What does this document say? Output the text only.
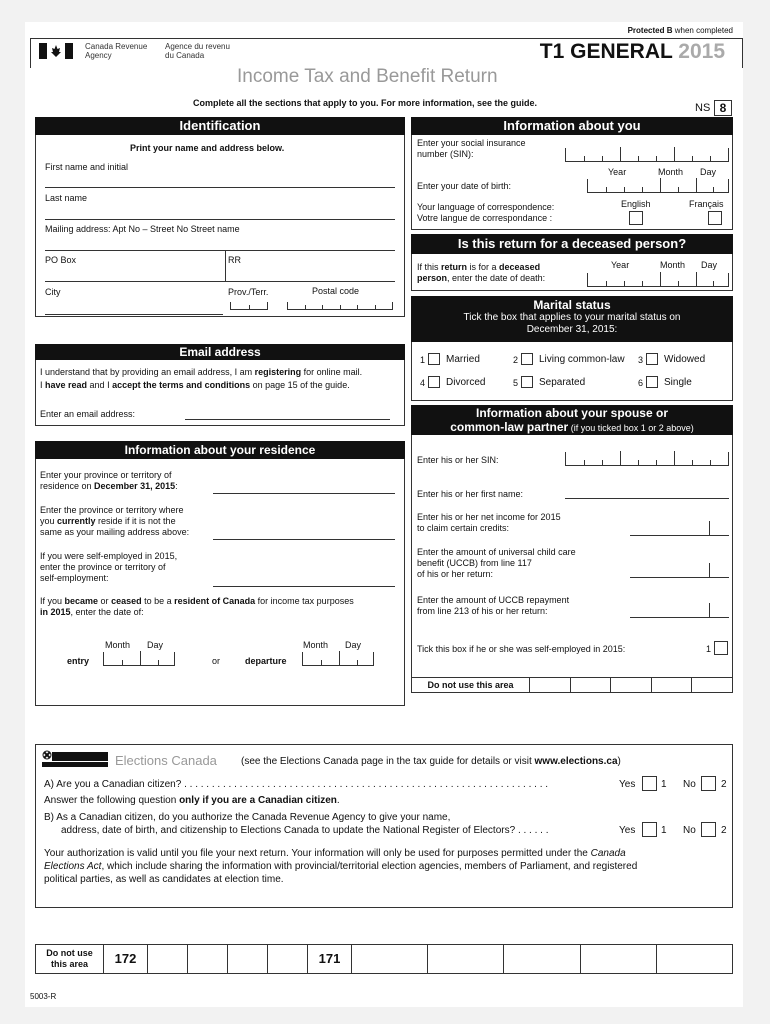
Protected B when completed
Canada Revenue
Agency
Agence du revenu
du Canada	T1 GENERAL 2015
Income Tax and Benefit Return
Complete all the sections that apply to you. For more information, see the guide.	NS 8
Identification
Print your name and address below.
First name and initial
Last name
Mailing address: Apt No – Street No Street name
PO Box	RR
City	Prov./Terr.	Postal code
Email address
I understand that by providing an email address, I am registering for online mail.
I have read and I accept the terms and conditions on page 15 of the guide.
Enter an email address:
Information about your residence
Enter your province or territory of
residence on December 31, 2015:
Enter the province or territory where
you currently reside if it is not the
same as your mailing address above:
If you were self-employed in 2015,
enter the province or territory of
self-employment:
If you became or ceased to be a resident of Canada for income tax purposes
in 2015, enter the date of:
Month Day
entry	or
Month Day
departure
Information about you
Enter your social insurance
number (SIN):
Year	Month Day
Enter your date of birth:
English	Français
Your language of correspondence:
Votre langue de correspondance :
Is this return for a deceased person?
Year	Month Day
If this return is for a deceased
person, enter the date of death:
Marital status
Tick the box that applies to your marital status on
December 31, 2015:
1 Married	2 Living common-law 3 Widowed
4 Divorced	5 Separated	6 Single
Information about your spouse or
common-law partner (if you ticked box 1 or 2 above)
Enter his or her SIN:
Enter his or her first name:
Enter his or her net income for 2015
to claim certain credits:
Enter the amount of universal child care
benefit (UCCB) from line 117
of his or her return:
Enter the amount of UCCB repayment
from line 213 of his or her return:
Tick this box if he or she was self-employed in 2015:	1
Do not use this area
Elections Canada (see the Elections Canada page in the tax guide for details or visit www.elections.ca)
A) Are you a Canadian citizen? . . . . . . . . . . . . . . . . . . . . . . . . . . . . . . . . . . . . . . . . . . . . . . . . . . . . . . . . . . . . . . . . . .	Yes	1 No	2
Answer the following question only if you are a Canadian citizen.
B) As a Canadian citizen, do you authorize the Canada Revenue Agency to give your name,
address, date of birth, and citizenship to Elections Canada to update the National Register of Electors? . . . . . .	Yes	1 No	2
Your authorization is valid until you file your next return. Your information will only be used for purposes permitted under the Canada
Elections Act, which include sharing the information with provincial/territorial election agencies, members of Parliament, and registered
political parties, as well as candidates at election time.
Do not use
this area	172	171
5003-R
